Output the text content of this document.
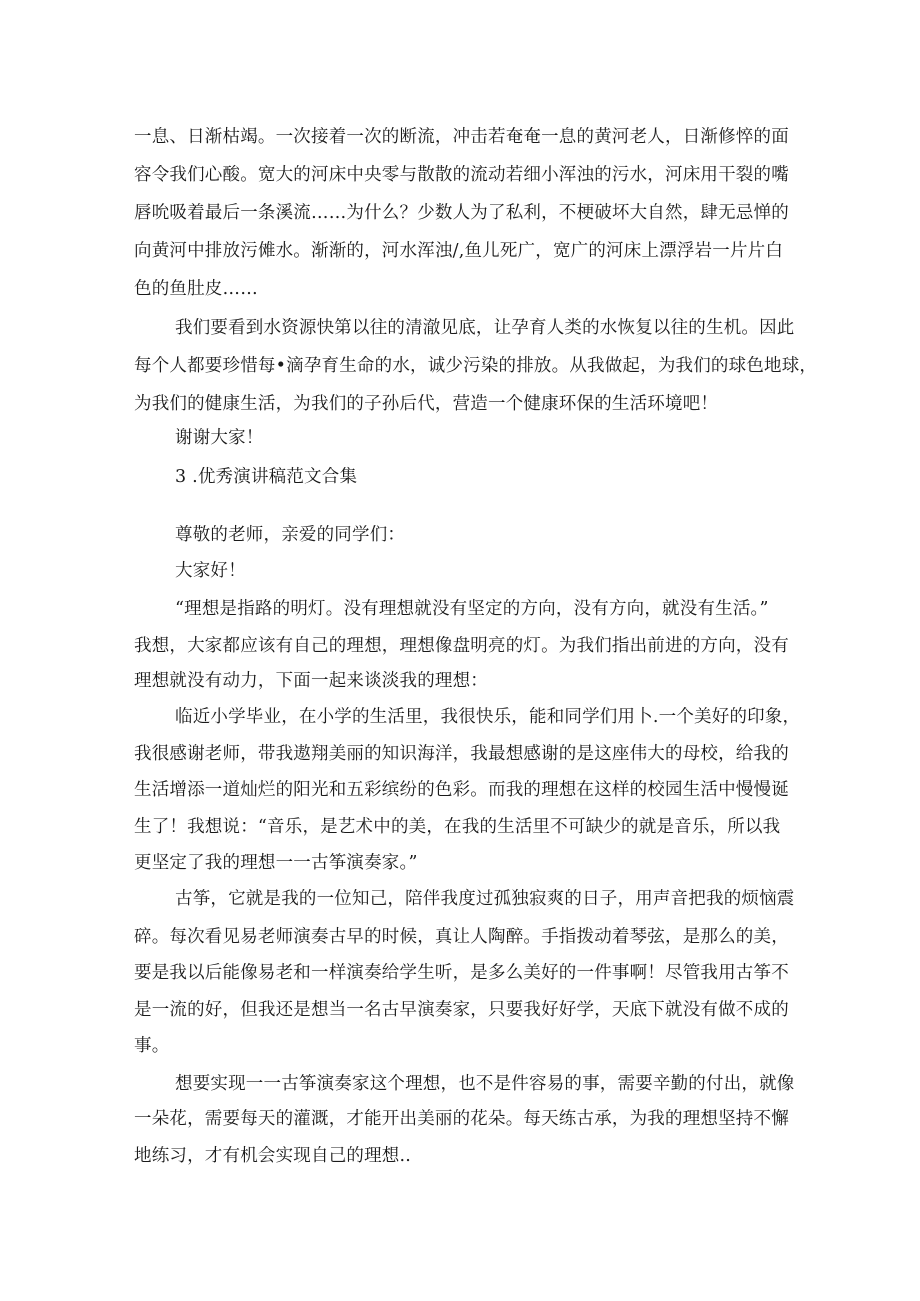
一息、日渐枯竭。一次接着一次的断流，冲击若奄奄一息的黄河老人，日渐修悴的面

容令我们心酸。宽大的河床中央零与散散的流动若细小浑浊的污水，河床用干裂的嘴

唇吮吸着最后一条溪流……为什么？少数人为了私利，不梗破坏大自然，肆无忌惮的

向黄河中排放污傩水。渐渐的，河水浑浊/,鱼儿死广，宽广的河床上漂浮岩一片片白

色的鱼肚皮……

我们要看到水资源快第以往的清澈见底，让孕育人类的水恢复以往的生机。因此

每个人都要珍惜每•滴孕育生命的水，诚少污染的排放。从我做起，为我们的球色地球，

为我们的健康生活，为我们的子孙后代，营造一个健康环保的生活环境吧！

谢谢大家！

3 .优秀演讲稿范文合集

尊敬的老师，亲爱的同学们：

大家好！

“理想是指路的明灯。没有理想就没有坚定的方向，没有方向，就没有生活。”

我想，大家都应该有自己的理想，理想像盘明亮的灯。为我们指出前进的方向，没有

理想就没有动力，下面一起来谈淡我的理想：

临近小学毕业，在小学的生活里，我很快乐，能和同学们用卜.一个美好的印象，

我很感谢老师，带我遨翔美丽的知识海洋，我最想感谢的是这座伟大的母校，给我的

生活增添一道灿烂的阳光和五彩缤纷的色彩。而我的理想在这样的校园生活中慢慢诞

生了！我想说：“音乐，是艺术中的美，在我的生活里不可缺少的就是音乐，所以我

更坚定了我的理想一一古筝演奏家。”

古筝，它就是我的一位知己，陪伴我度过孤独寂爽的日子，用声音把我的烦恼震

碎。每次看见易老师演奏古早的时候，真让人陶醉。手指拨动着琴弦，是那么的美，

要是我以后能像易老和一样演奏给学生听，是多么美好的一件事啊！尽管我用古筝不

是一流的好，但我还是想当一名古早演奏家，只要我好好学，天底下就没有做不成的

事。

想要实现一一古筝演奏家这个理想，也不是件容易的事，需要辛勤的付出，就像

一朵花，需要每天的灌溉，才能开出美丽的花朵。每天练古承，为我的理想坚持不懈

地练习，才有机会实现自己的理想..
